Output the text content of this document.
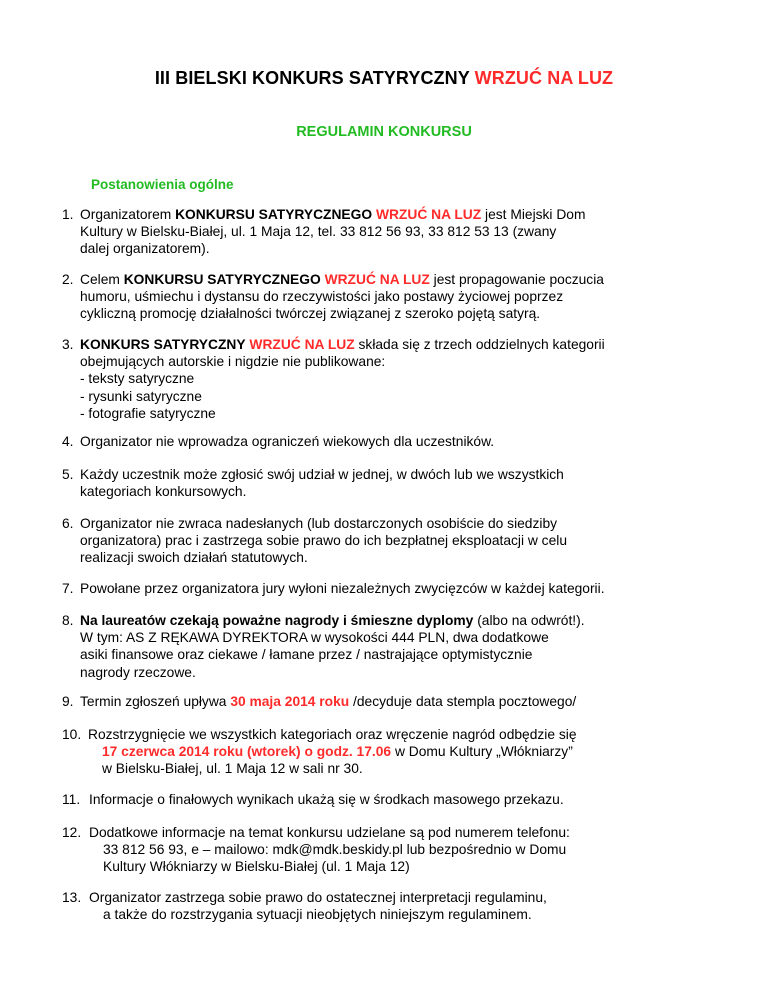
III BIELSKI KONKURS SATYRYCZNY WRZUĆ NA LUZ
REGULAMIN KONKURSU
Postanowienia ogólne
1. Organizatorem KONKURSU SATYRYCZNEGO WRZUĆ NA LUZ jest Miejski Dom
Kultury w Bielsku-Białej, ul. 1 Maja 12, tel. 33 812 56 93, 33 812 53 13 (zwany
dalej organizatorem).
2. Celem KONKURSU SATYRYCZNEGO WRZUĆ NA LUZ jest propagowanie poczucia
humoru, uśmiechu i dystansu do rzeczywistości jako postawy życiowej poprzez
cykliczną promocję działalności twórczej związanej z szeroko pojętą satyrą.
3. KONKURS SATYRYCZNY WRZUĆ NA LUZ składa się z trzech oddzielnych kategorii
obejmujących autorskie i nigdzie nie publikowane:
- teksty satyryczne
- rysunki satyryczne
- fotografie satyryczne
4. Organizator nie wprowadza ograniczeń wiekowych dla uczestników.
5. Każdy uczestnik może zgłosić swój udział w jednej, w dwóch lub we wszystkich
kategoriach konkursowych.
6. Organizator nie zwraca nadesłanych (lub dostarczonych osobiście do siedziby
organizatora) prac i zastrzega sobie prawo do ich bezpłatnej eksploatacji w celu
realizacji swoich działań statutowych.
7. Powołane przez organizatora jury wyłoni niezależnych zwycięzców w każdej kategorii.
8. Na laureatów czekają poważne nagrody i śmieszne dyplomy (albo na odwrót!).
W tym: AS Z RĘKAWA DYREKTORA w wysokości 444 PLN, dwa dodatkowe
asiki finansowe oraz ciekawe / łamane przez / nastrajające optymistycznie
nagrody rzeczowe.
9. Termin zgłoszeń upływa 30 maja 2014 roku /decyduje data stempla pocztowego/
10. Rozstrzygnięcie we wszystkich kategoriach oraz wręczenie nagród odbędzie się
17 czerwca 2014 roku (wtorek) o godz. 17.06 w Domu Kultury „Włókniarzy”
w Bielsku-Białej, ul. 1 Maja 12 w sali nr 30.
11. Informacje o finałowych wynikach ukażą się w środkach masowego przekazu.
12. Dodatkowe informacje na temat konkursu udzielane są pod numerem telefonu:
33 812 56 93, e – mailowo: mdk@mdk.beskidy.pl lub bezpośrednio w Domu
Kultury Włókniarzy w Bielsku-Białej (ul. 1 Maja 12)
13. Organizator zastrzega sobie prawo do ostatecznej interpretacji regulaminu,
a także do rozstrzygania sytuacji nieobjętych niniejszym regulaminem.
